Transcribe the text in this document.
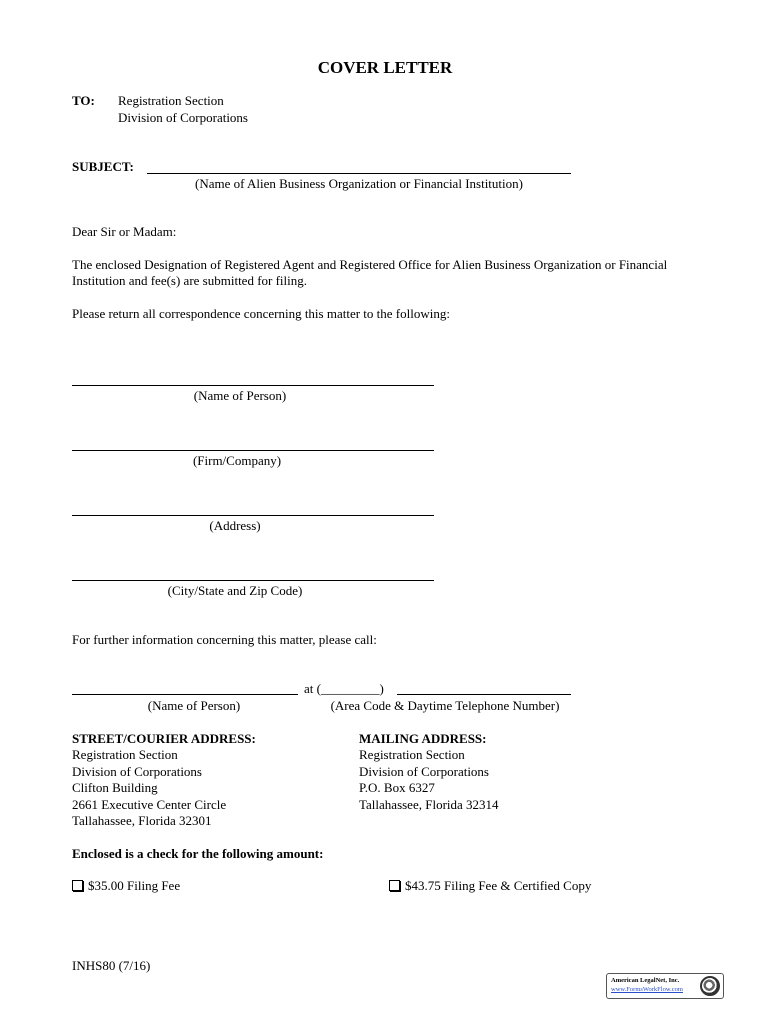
COVER LETTER
TO: Registration Section
Division of Corporations
SUBJECT:
(Name of Alien Business Organization or Financial Institution)
Dear Sir or Madam:
The enclosed Designation of Registered Agent and Registered Office for Alien Business Organization or Financial Institution and fee(s) are submitted for filing.
Please return all correspondence concerning this matter to the following:
(Name of Person)
(Firm/Company)
(Address)
(City/State and Zip Code)
For further information concerning this matter, please call:
at (_________)
(Name of Person)	(Area Code & Daytime Telephone Number)
STREET/COURIER ADDRESS:
Registration Section
Division of Corporations
Clifton Building
2661 Executive Center Circle
Tallahassee, Florida 32301
MAILING ADDRESS:
Registration Section
Division of Corporations
P.O. Box 6327
Tallahassee, Florida 32314
Enclosed is a check for the following amount:
$35.00 Filing Fee	$43.75 Filing Fee & Certified Copy
INHS80 (7/16)
American LegalNet, Inc.
www.FormsWorkFlow.com
